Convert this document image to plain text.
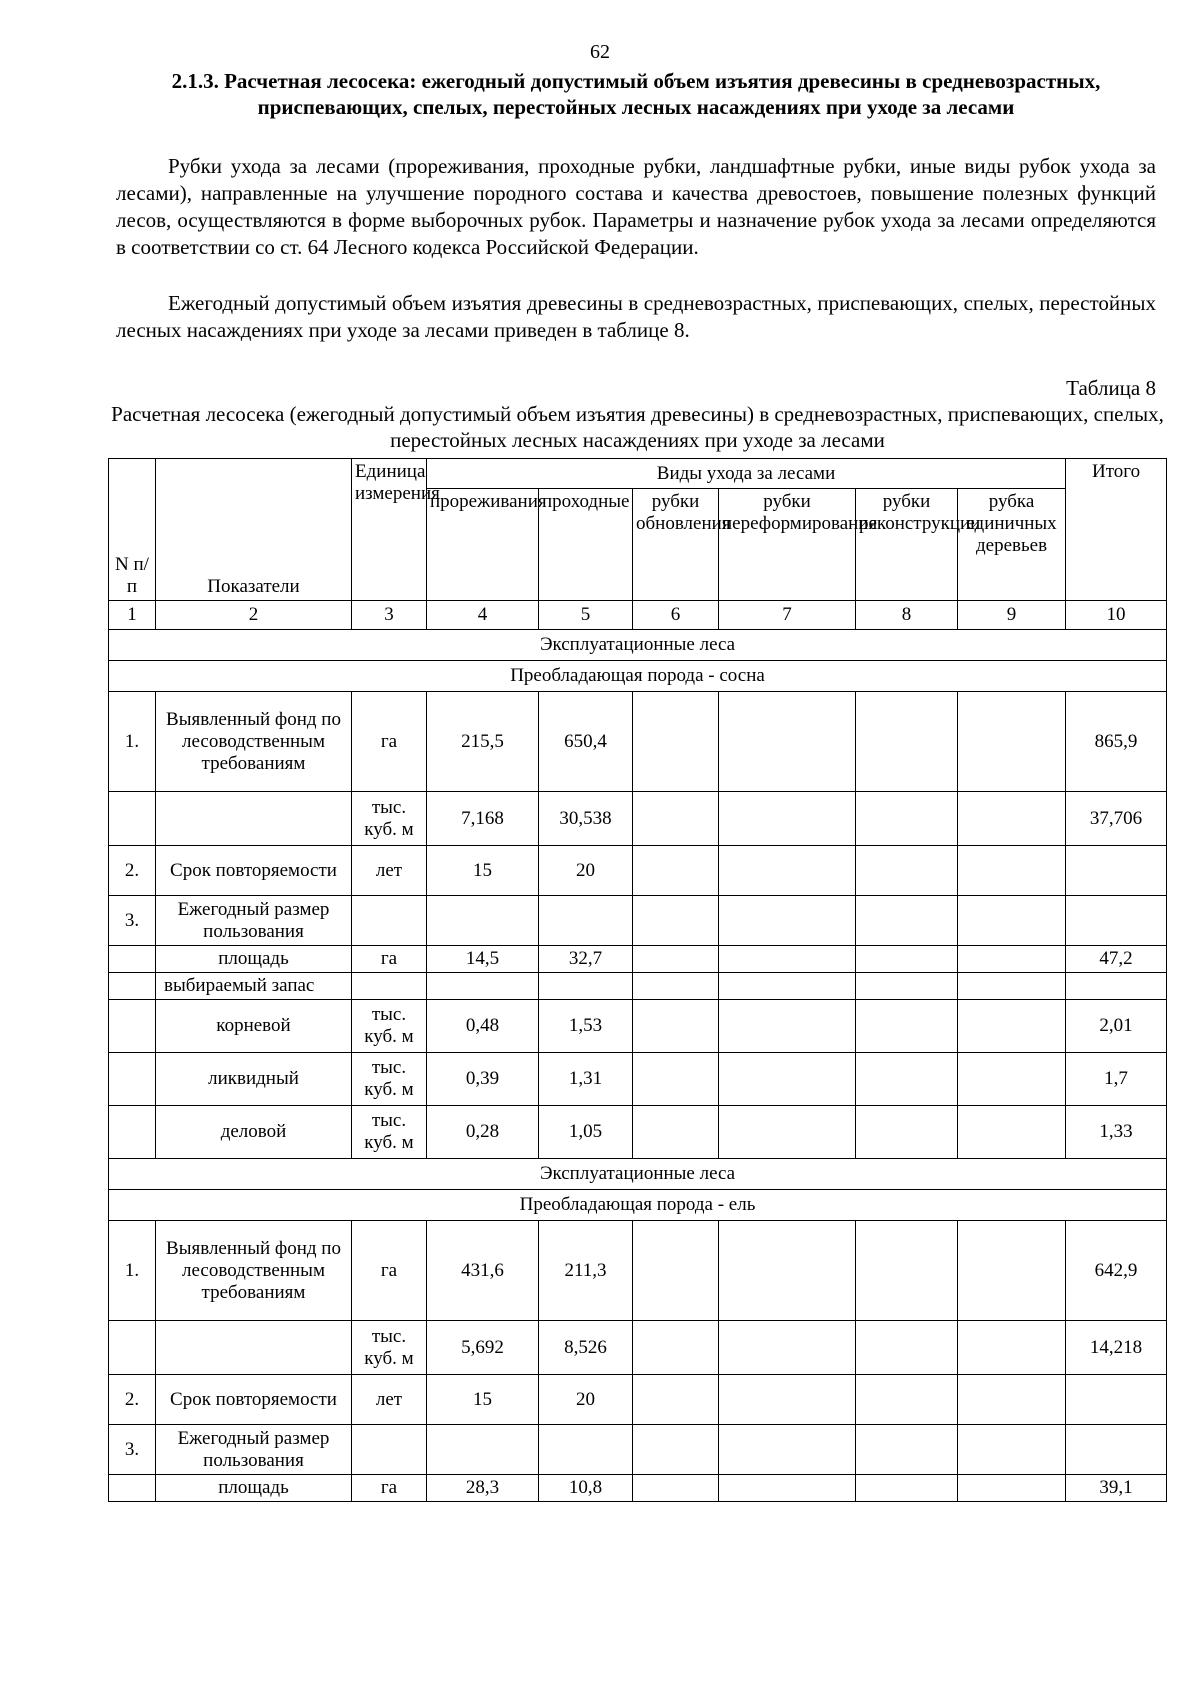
62
2.1.3. Расчетная лесосека: ежегодный допустимый объем изъятия древесины в средневозрастных, приспевающих, спелых, перестойных лесных насаждениях при уходе за лесами
Рубки ухода за лесами (прореживания, проходные рубки, ландшафтные рубки, иные виды рубок ухода за лесами), направленные на улучшение породного состава и качества древостоев, повышение полезных функций лесов, осуществляются в форме выборочных рубок. Параметры и назначение рубок ухода за лесами определяются в соответствии со ст. 64 Лесного кодекса Российской Федерации.
Ежегодный допустимый объем изъятия древесины в средневозрастных, приспевающих, спелых, перестойных лесных насаждениях при уходе за лесами приведен в таблице 8.
Таблица 8
Расчетная лесосека (ежегодный допустимый объем изъятия древесины) в средневозрастных, приспевающих, спелых, перестойных лесных насаждениях при уходе за лесами
N п/п	Показатели	Единица измерения	Виды ухода за лесами						Итого
			прореживания	проходные	рубки обновления	рубки переформирования	рубки реконструкции	рубка единичных деревьев	
1	2	3	4	5	6	7	8	9	10
Эксплуатационные леса									
Преобладающая порода - сосна									
1.	Выявленный фонд по лесоводственным требованиям	га	215,5	650,4					865,9
		тыс. куб. м	7,168	30,538					37,706
2.	Срок повторяемости	лет	15	20					
3.	Ежегодный размер пользования								
	площадь	га	14,5	32,7					47,2
	выбираемый запас								
	корневой	тыс. куб. м	0,48	1,53					2,01
	ликвидный	тыс. куб. м	0,39	1,31					1,7
	деловой	тыс. куб. м	0,28	1,05					1,33
Эксплуатационные леса									
Преобладающая порода - ель									
1.	Выявленный фонд по лесоводственным требованиям	га	431,6	211,3					642,9
		тыс. куб. м	5,692	8,526					14,218
2.	Срок повторяемости	лет	15	20					
3.	Ежегодный размер пользования								
	площадь	га	28,3	10,8					39,1
